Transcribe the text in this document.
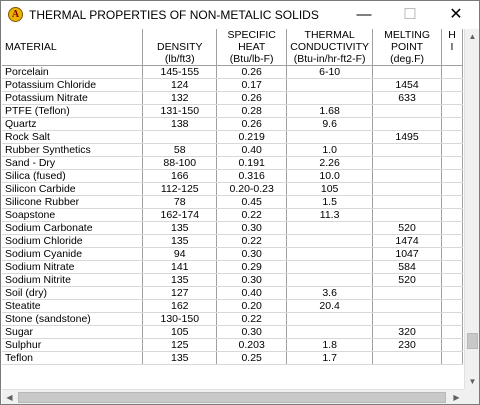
A THERMAL PROPERTIES OF NON-METALIC SOLIDS	—	☐	✕
		SPECIFIC	THERMAL	MELTING	H
MATERIAL	DENSITY	HEAT	CONDUCTIVITY	POINT	I
	(lb/ft3)	(Btu/lb-F)	(Btu-in/hr-ft2-F)	(deg.F)	
Porcelain	145-155	0.26	6-10		
Potassium Chloride	124	0.17		1454	
Potassium Nitrate	132	0.26		633	
PTFE (Teflon)	131-150	0.28	1.68		
Quartz	138	0.26	9.6		
Rock Salt		0.219		1495	
Rubber Synthetics	58	0.40	1.0		
Sand - Dry	88-100	0.191	2.26		
Silica (fused)	166	0.316	10.0		
Silicon Carbide	112-125	0.20-0.23	105		
Silicone Rubber	78	0.45	1.5		
Soapstone	162-174	0.22	11.3		
Sodium Carbonate	135	0.30		520	
Sodium Chloride	135	0.22		1474	
Sodium Cyanide	94	0.30		1047	
Sodium Nitrate	141	0.29		584	
Sodium Nitrite	135	0.30		520	
Soil (dry)	127	0.40	3.6		
Steatite	162	0.20	20.4		
Stone (sandstone)	130-150	0.22			
Sugar	105	0.30		320	
Sulphur	125	0.203	1.8	230	
Teflon	135	0.25	1.7		
▲
▼
◀	▶
